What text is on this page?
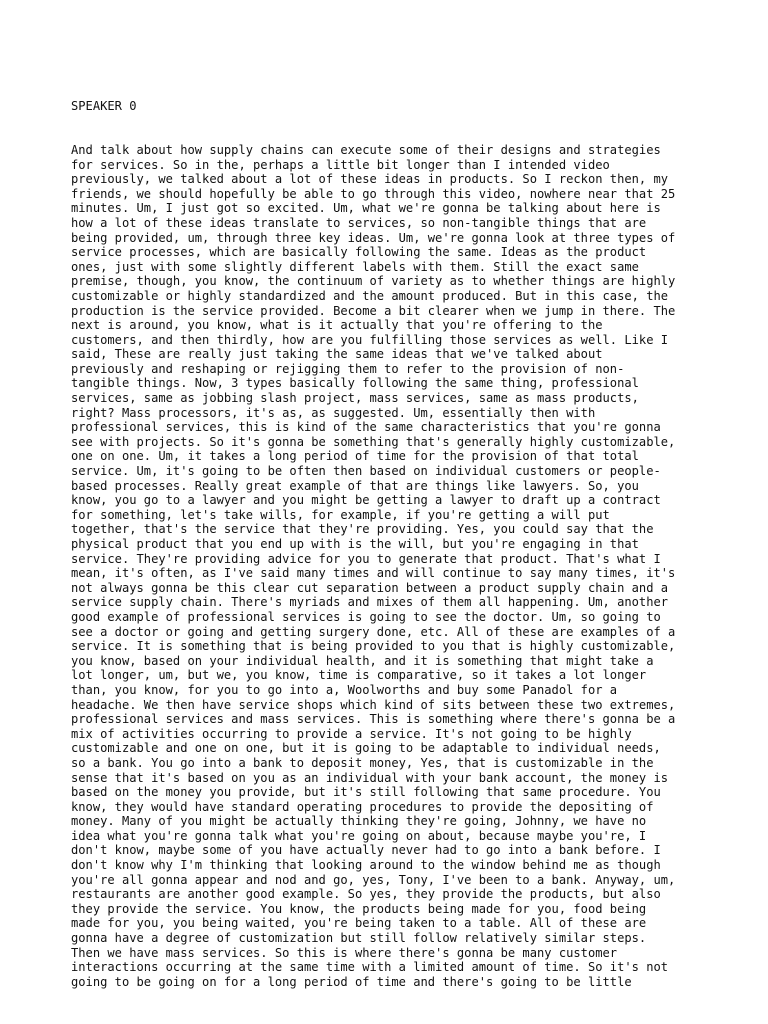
SPEAKER 0

And talk about how supply chains can execute some of their designs and strategies
for services. So in the, perhaps a little bit longer than I intended video
previously, we talked about a lot of these ideas in products. So I reckon then, my
friends, we should hopefully be able to go through this video, nowhere near that 25
minutes. Um, I just got so excited. Um, what we're gonna be talking about here is
how a lot of these ideas translate to services, so non-tangible things that are
being provided, um, through three key ideas. Um, we're gonna look at three types of
service processes, which are basically following the same. Ideas as the product
ones, just with some slightly different labels with them. Still the exact same
premise, though, you know, the continuum of variety as to whether things are highly
customizable or highly standardized and the amount produced. But in this case, the
production is the service provided. Become a bit clearer when we jump in there. The
next is around, you know, what is it actually that you're offering to the
customers, and then thirdly, how are you fulfilling those services as well. Like I
said, These are really just taking the same ideas that we've talked about
previously and reshaping or rejigging them to refer to the provision of non-
tangible things. Now, 3 types basically following the same thing, professional
services, same as jobbing slash project, mass services, same as mass products,
right? Mass processors, it's as, as suggested. Um, essentially then with
professional services, this is kind of the same characteristics that you're gonna
see with projects. So it's gonna be something that's generally highly customizable,
one on one. Um, it takes a long period of time for the provision of that total
service. Um, it's going to be often then based on individual customers or people-
based processes. Really great example of that are things like lawyers. So, you
know, you go to a lawyer and you might be getting a lawyer to draft up a contract
for something, let's take wills, for example, if you're getting a will put
together, that's the service that they're providing. Yes, you could say that the
physical product that you end up with is the will, but you're engaging in that
service. They're providing advice for you to generate that product. That's what I
mean, it's often, as I've said many times and will continue to say many times, it's
not always gonna be this clear cut separation between a product supply chain and a
service supply chain. There's myriads and mixes of them all happening. Um, another
good example of professional services is going to see the doctor. Um, so going to
see a doctor or going and getting surgery done, etc. All of these are examples of a
service. It is something that is being provided to you that is highly customizable,
you know, based on your individual health, and it is something that might take a
lot longer, um, but we, you know, time is comparative, so it takes a lot longer
than, you know, for you to go into a, Woolworths and buy some Panadol for a
headache. We then have service shops which kind of sits between these two extremes,
professional services and mass services. This is something where there's gonna be a
mix of activities occurring to provide a service. It's not going to be highly
customizable and one on one, but it is going to be adaptable to individual needs,
so a bank. You go into a bank to deposit money, Yes, that is customizable in the
sense that it's based on you as an individual with your bank account, the money is
based on the money you provide, but it's still following that same procedure. You
know, they would have standard operating procedures to provide the depositing of
money. Many of you might be actually thinking they're going, Johnny, we have no
idea what you're gonna talk what you're going on about, because maybe you're, I
don't know, maybe some of you have actually never had to go into a bank before. I
don't know why I'm thinking that looking around to the window behind me as though
you're all gonna appear and nod and go, yes, Tony, I've been to a bank. Anyway, um,
restaurants are another good example. So yes, they provide the products, but also
they provide the service. You know, the products being made for you, food being
made for you, you being waited, you're being taken to a table. All of these are
gonna have a degree of customization but still follow relatively similar steps.
Then we have mass services. So this is where there's gonna be many customer
interactions occurring at the same time with a limited amount of time. So it's not
going to be going on for a long period of time and there's going to be little
